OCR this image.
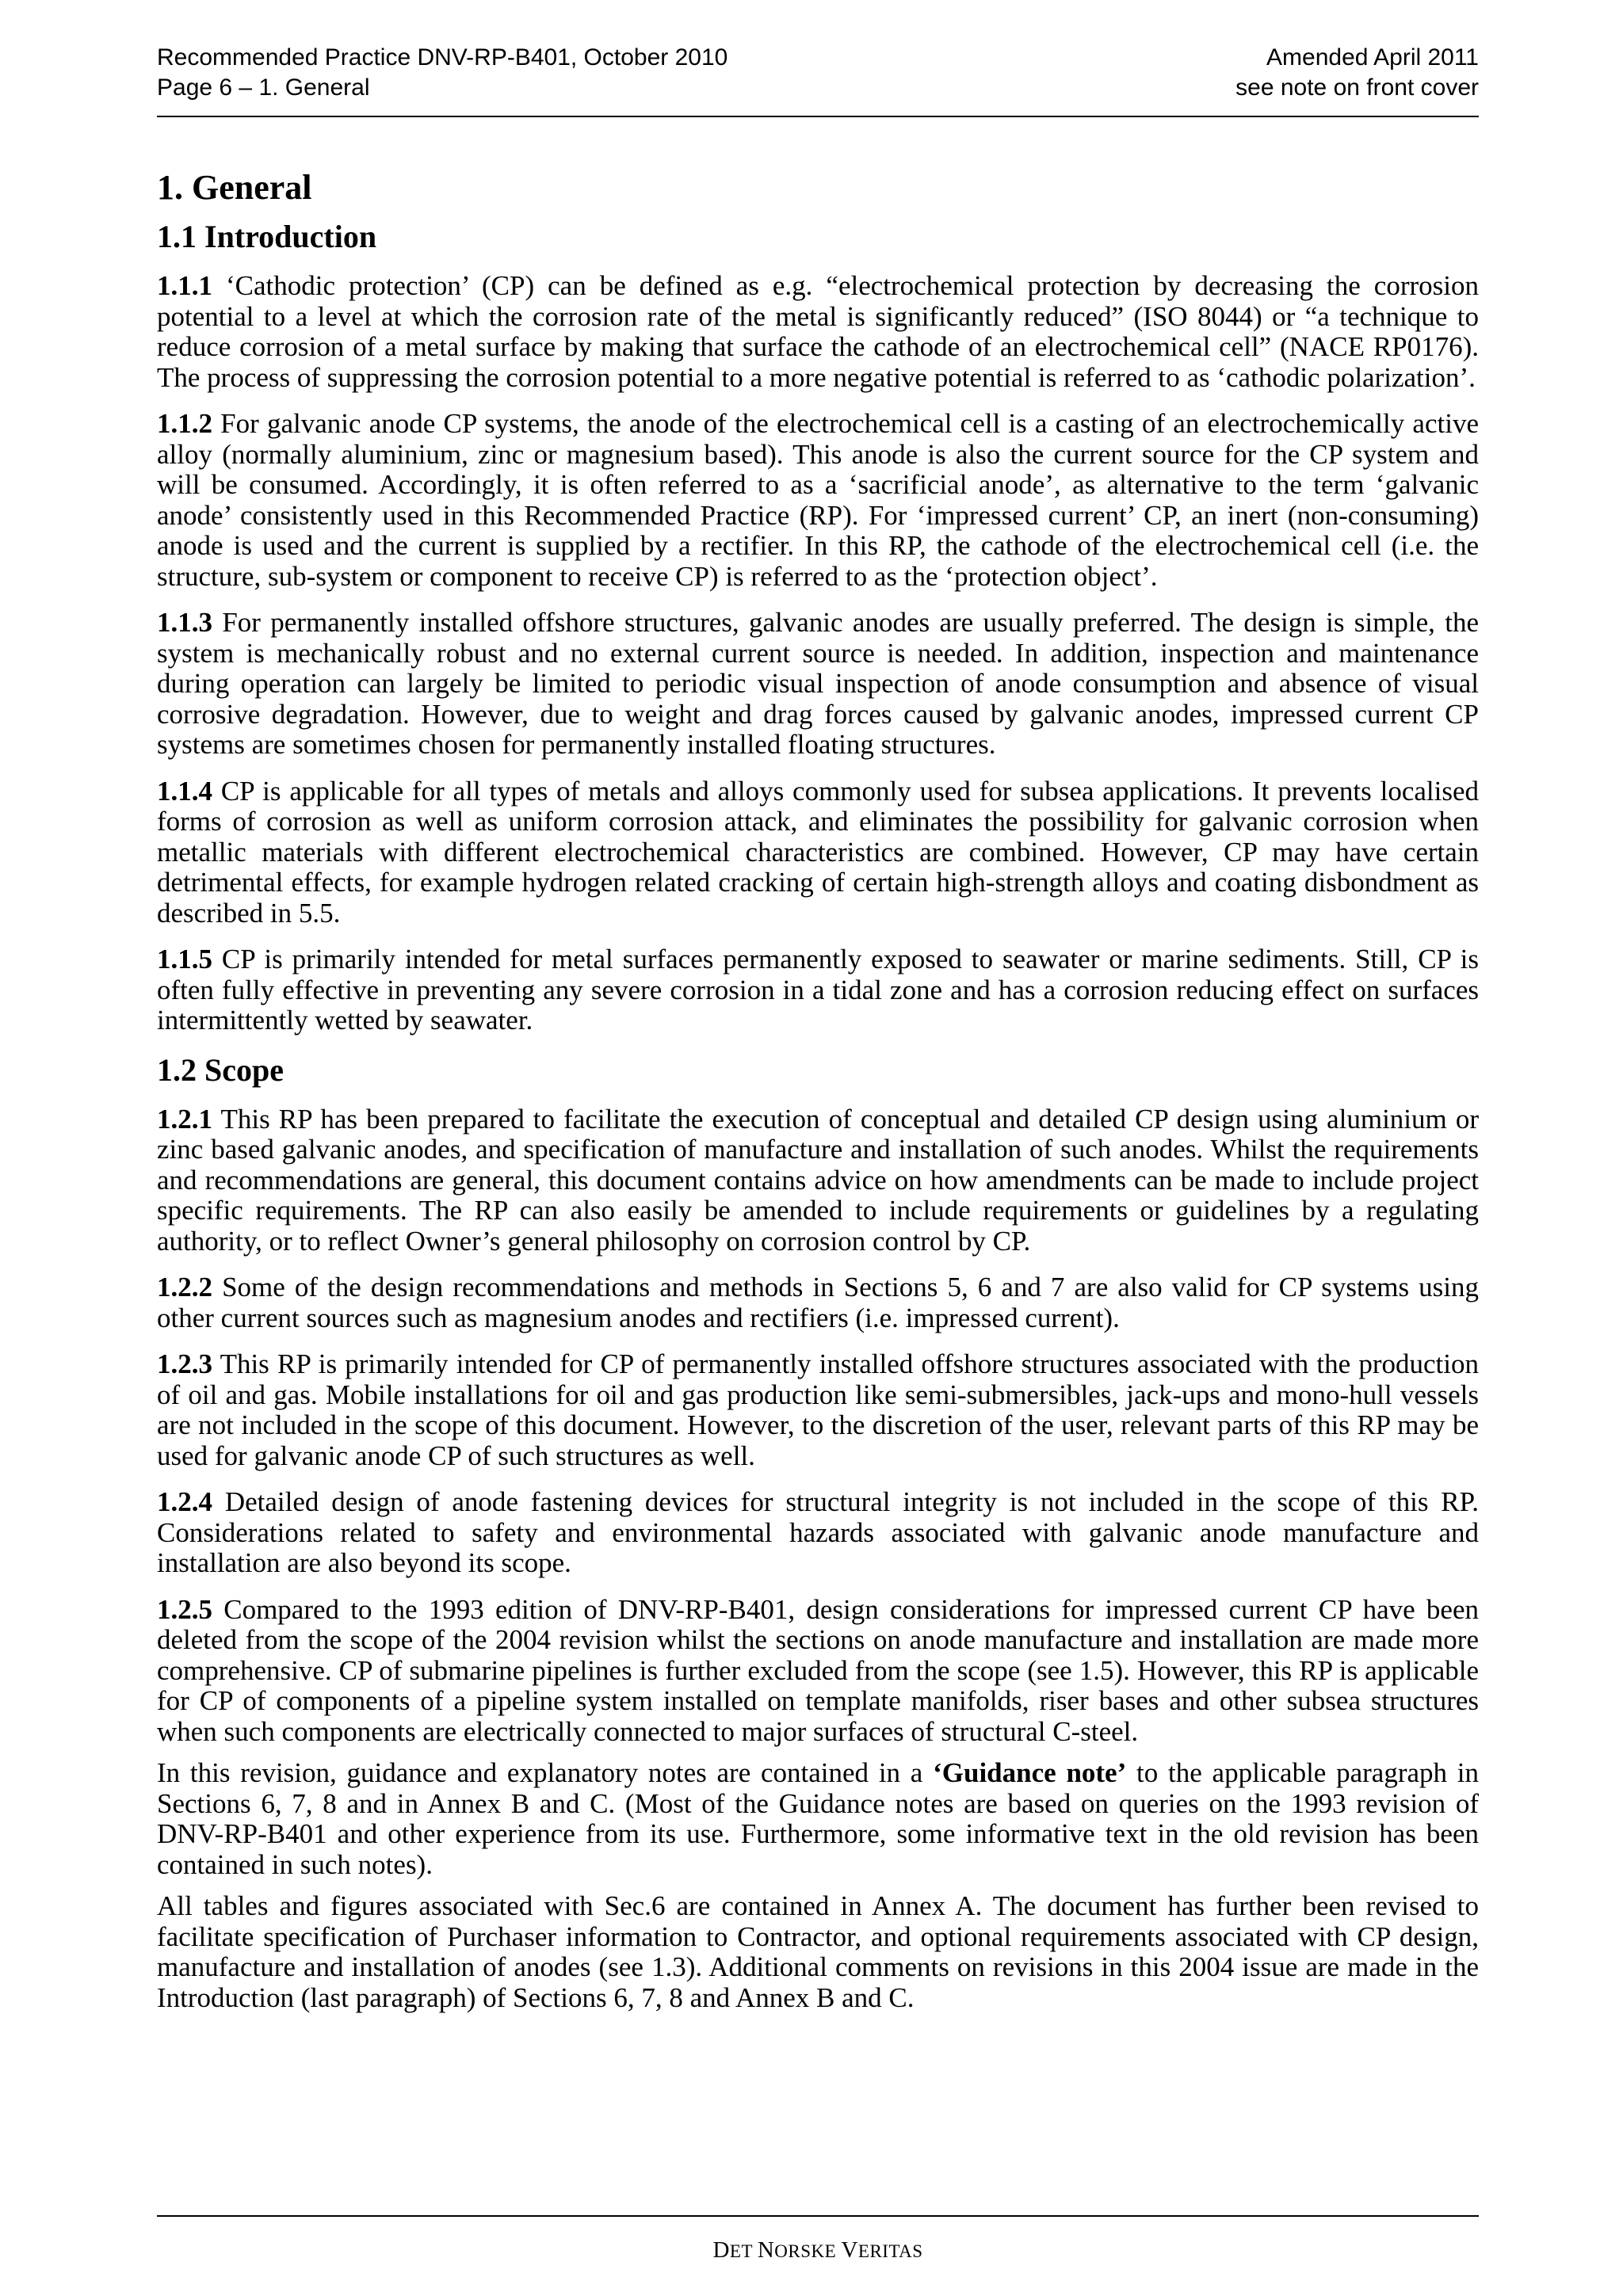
Recommended Practice DNV-RP-B401, October 2010
Page 6 – 1. General
Amended April 2011
see note on front cover
1. General
1.1 Introduction

1.1.1 ‘Cathodic protection’ (CP) can be defined as e.g. “electrochemical protection by decreasing the corrosion potential to a level at which the corrosion rate of the metal is significantly reduced” (ISO 8044) or “a technique to reduce corrosion of a metal surface by making that surface the cathode of an electrochemical cell” (NACE RP0176). The process of suppressing the corrosion potential to a more negative potential is referred to as ‘cathodic polarization’.

1.1.2 For galvanic anode CP systems, the anode of the electrochemical cell is a casting of an electrochemically active alloy (normally aluminium, zinc or magnesium based). This anode is also the current source for the CP system and will be consumed. Accordingly, it is often referred to as a ‘sacrificial anode’, as alternative to the term ‘galvanic anode’ consistently used in this Recommended Practice (RP). For ‘impressed current’ CP, an inert (non-consuming) anode is used and the current is supplied by a rectifier. In this RP, the cathode of the electrochemical cell (i.e. the structure, sub-system or component to receive CP) is referred to as the ‘protection object’.

1.1.3 For permanently installed offshore structures, galvanic anodes are usually preferred. The design is simple, the system is mechanically robust and no external current source is needed. In addition, inspection and maintenance during operation can largely be limited to periodic visual inspection of anode consumption and absence of visual corrosive degradation. However, due to weight and drag forces caused by galvanic anodes, impressed current CP systems are sometimes chosen for permanently installed floating structures.

1.1.4 CP is applicable for all types of metals and alloys commonly used for subsea applications. It prevents localised forms of corrosion as well as uniform corrosion attack, and eliminates the possibility for galvanic corrosion when metallic materials with different electrochemical characteristics are combined. However, CP may have certain detrimental effects, for example hydrogen related cracking of certain high-strength alloys and coating disbondment as described in 5.5.

1.1.5 CP is primarily intended for metal surfaces permanently exposed to seawater or marine sediments. Still, CP is often fully effective in preventing any severe corrosion in a tidal zone and has a corrosion reducing effect on surfaces intermittently wetted by seawater.

1.2 Scope

1.2.1 This RP has been prepared to facilitate the execution of conceptual and detailed CP design using aluminium or zinc based galvanic anodes, and specification of manufacture and installation of such anodes. Whilst the requirements and recommendations are general, this document contains advice on how amendments can be made to include project specific requirements. The RP can also easily be amended to include requirements or guidelines by a regulating authority, or to reflect Owner’s general philosophy on corrosion control by CP.

1.2.2 Some of the design recommendations and methods in Sections 5, 6 and 7 are also valid for CP systems using other current sources such as magnesium anodes and rectifiers (i.e. impressed current).

1.2.3 This RP is primarily intended for CP of permanently installed offshore structures associated with the production of oil and gas. Mobile installations for oil and gas production like semi-submersibles, jack-ups and mono-hull vessels are not included in the scope of this document. However, to the discretion of the user, relevant parts of this RP may be used for galvanic anode CP of such structures as well.

1.2.4 Detailed design of anode fastening devices for structural integrity is not included in the scope of this RP. Considerations related to safety and environmental hazards associated with galvanic anode manufacture and installation are also beyond its scope.

1.2.5 Compared to the 1993 edition of DNV-RP-B401, design considerations for impressed current CP have been deleted from the scope of the 2004 revision whilst the sections on anode manufacture and installation are made more comprehensive. CP of submarine pipelines is further excluded from the scope (see 1.5). However, this RP is applicable for CP of components of a pipeline system installed on template manifolds, riser bases and other subsea structures when such components are electrically connected to major surfaces of structural C-steel.

In this revision, guidance and explanatory notes are contained in a ‘Guidance note’ to the applicable paragraph in Sections 6, 7, 8 and in Annex B and C. (Most of the Guidance notes are based on queries on the 1993 revision of DNV-RP-B401 and other experience from its use. Furthermore, some informative text in the old revision has been contained in such notes).

All tables and figures associated with Sec.6 are contained in Annex A. The document has further been revised to facilitate specification of Purchaser information to Contractor, and optional requirements associated with CP design, manufacture and installation of anodes (see 1.3). Additional comments on revisions in this 2004 issue are made in the Introduction (last paragraph) of Sections 6, 7, 8 and Annex B and C.

DET NORSKE VERITAS
